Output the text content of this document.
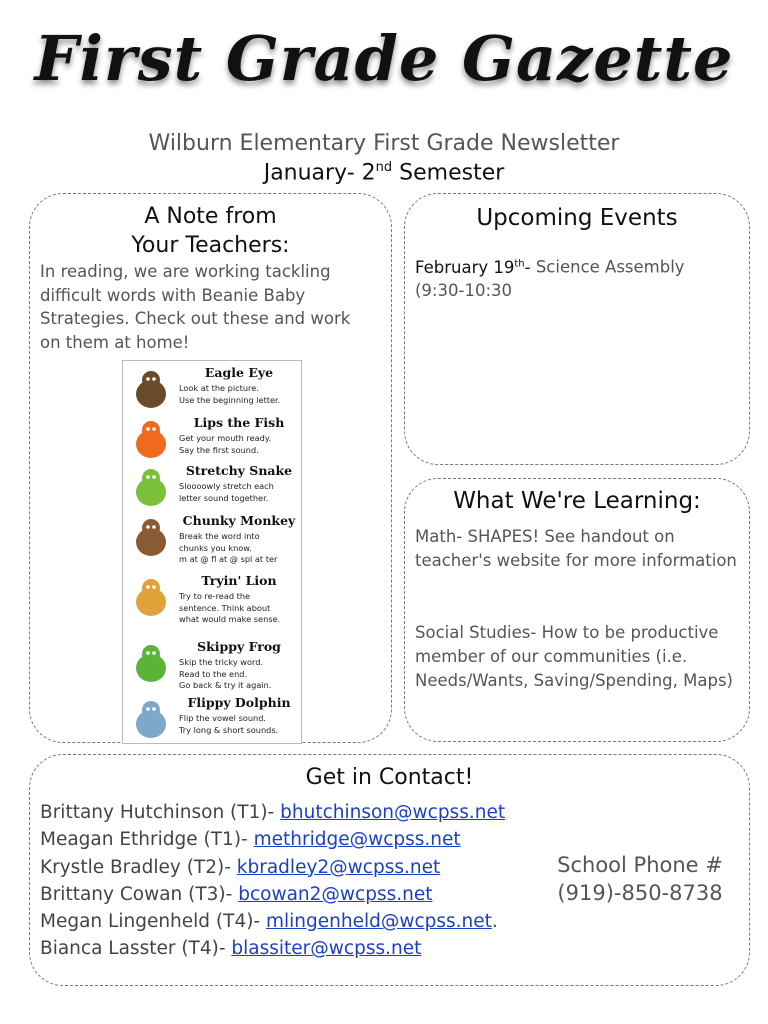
First Grade Gazette
Wilburn Elementary First Grade Newsletter
January- 2nd Semester
A Note from
Your Teachers:
In reading, we are working tackling difficult words with Beanie Baby Strategies. Check out these and work on them at home!
Eagle Eye
Look at the picture.
Use the beginning letter.
Lips the Fish
Get your mouth ready.
Say the first sound.
Stretchy Snake
Sloooowly stretch each
letter sound together.
Chunky Monkey
Break the word into
chunks you know.
m at @ fl at @ spl at ter
Tryin' Lion
Try to re-read the
sentence. Think about
what would make sense.
Skippy Frog
Skip the tricky word.
Read to the end.
Go back & try it again.
Flippy Dolphin
Flip the vowel sound.
Try long & short sounds.
Upcoming Events
February 19th- Science Assembly (9:30-10:30
What We're Learning:
Math- SHAPES! See handout on teacher's website for more information
Social Studies- How to be productive member of our communities (i.e. Needs/Wants, Saving/Spending, Maps)
Get in Contact!
Brittany Hutchinson (T1)- bhutchinson@wcpss.net
Meagan Ethridge (T1)- methridge@wcpss.net
Krystle Bradley (T2)- kbradley2@wcpss.net
Brittany Cowan (T3)- bcowan2@wcpss.net
Megan Lingenheld (T4)- mlingenheld@wcpss.net.
Bianca Lasster (T4)- blassiter@wcpss.net
School Phone #
(919)-850-8738
